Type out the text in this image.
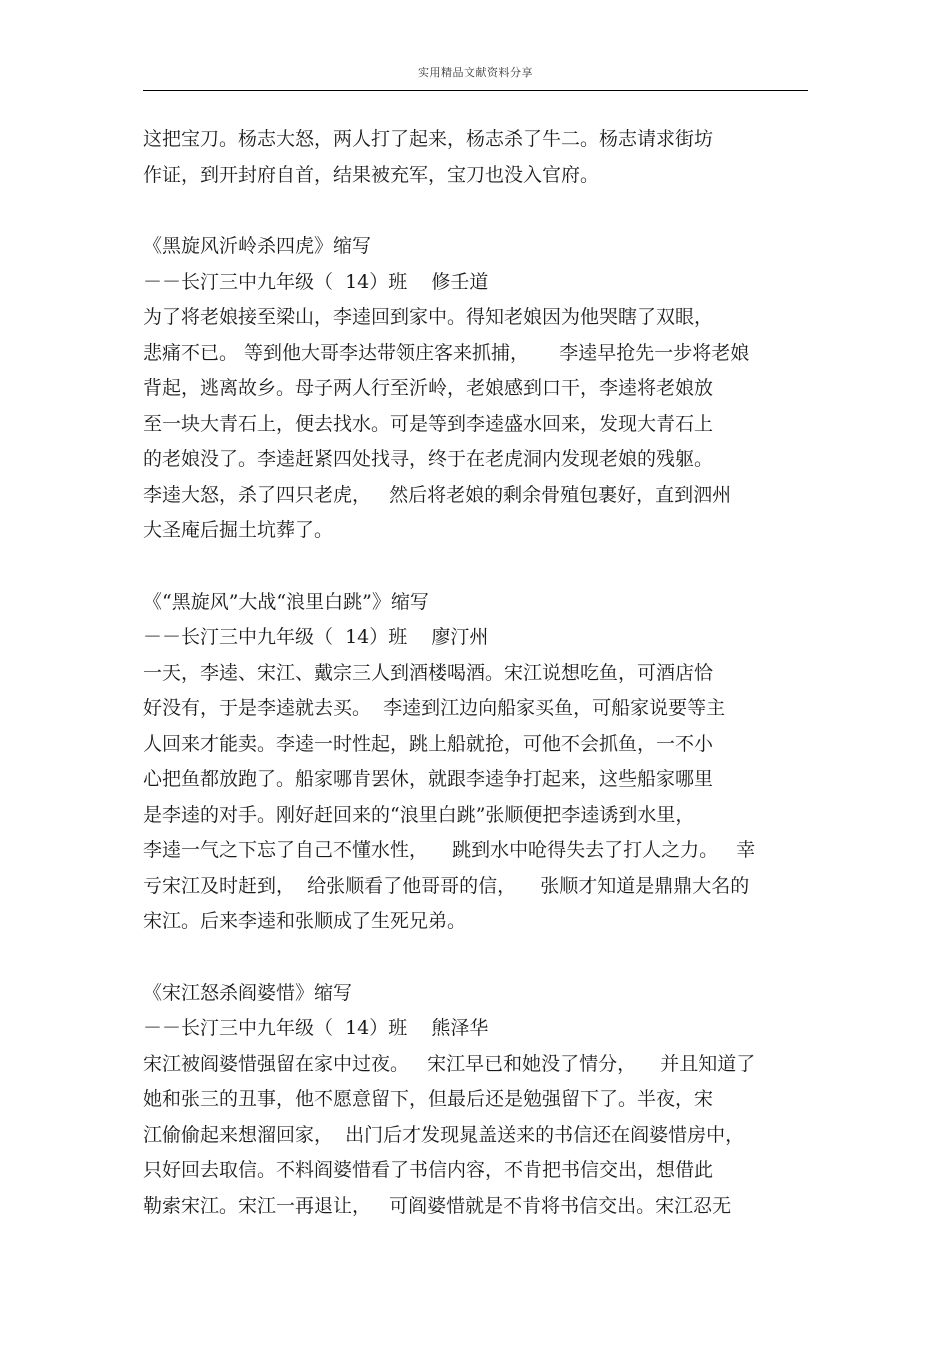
实用精品文献资料分享
这把宝刀。杨志大怒，两人打了起来，杨志杀了牛二。杨志请求街坊
作证，到开封府自首，结果被充军，宝刀也没入官府。
《黑旋风沂岭杀四虎》缩写
－－长汀三中九年级（  14）班    修壬道
为了将老娘接至梁山，李逵回到家中。得知老娘因为他哭瞎了双眼，
悲痛不已。 等到他大哥李达带领庄客来抓捕，     李逵早抢先一步将老娘
背起，逃离故乡。母子两人行至沂岭，老娘感到口干，李逵将老娘放
至一块大青石上，便去找水。可是等到李逵盛水回来，发现大青石上
的老娘没了。李逵赶紧四处找寻，终于在老虎洞内发现老娘的残躯。
李逵大怒，杀了四只老虎，   然后将老娘的剩余骨殖包裹好，直到泗州
大圣庵后掘土坑葬了。
《“黑旋风”大战“浪里白跳”》缩写
－－长汀三中九年级（  14）班    廖汀州
一天，李逵、宋江、戴宗三人到酒楼喝酒。宋江说想吃鱼，可酒店恰
好没有，于是李逵就去买。  李逵到江边向船家买鱼，可船家说要等主
人回来才能卖。李逵一时性起，跳上船就抢，可他不会抓鱼，一不小
心把鱼都放跑了。船家哪肯罢休，就跟李逵争打起来，这些船家哪里
是李逵的对手。刚好赶回来的“浪里白跳”张顺便把李逵诱到水里，
李逵一气之下忘了自己不懂水性，    跳到水中呛得失去了打人之力。   幸
亏宋江及时赶到，  给张顺看了他哥哥的信，    张顺才知道是鼎鼎大名的
宋江。后来李逵和张顺成了生死兄弟。
《宋江怒杀阎婆惜》缩写
－－长汀三中九年级（  14）班    熊泽华
宋江被阎婆惜强留在家中过夜。   宋江早已和她没了情分，    并且知道了
她和张三的丑事，他不愿意留下，但最后还是勉强留下了。半夜，宋
江偷偷起来想溜回家，  出门后才发现晁盖送来的书信还在阎婆惜房中，
只好回去取信。不料阎婆惜看了书信内容，不肯把书信交出，想借此
勒索宋江。宋江一再退让，   可阎婆惜就是不肯将书信交出。宋江忍无
